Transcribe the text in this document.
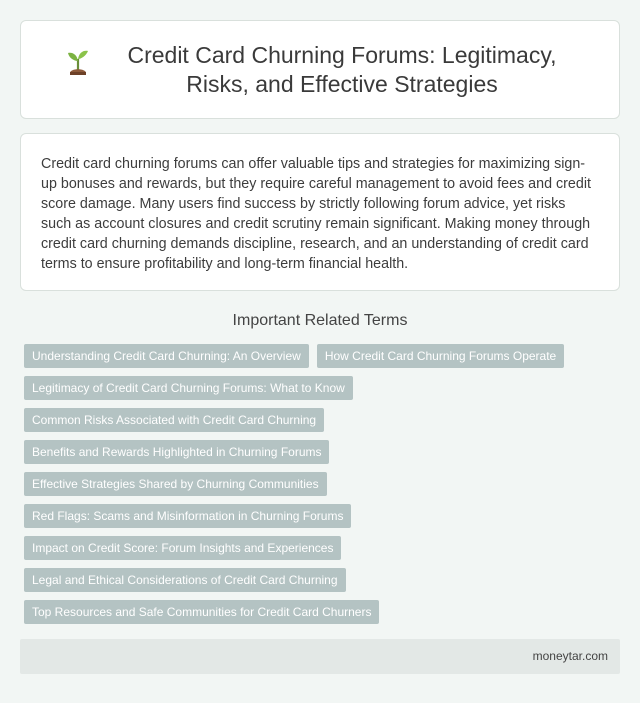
Credit Card Churning Forums: Legitimacy, Risks, and Effective Strategies

Credit card churning forums can offer valuable tips and strategies for maximizing sign-up bonuses and rewards, but they require careful management to avoid fees and credit score damage. Many users find success by strictly following forum advice, yet risks such as account closures and credit scrutiny remain significant. Making money through credit card churning demands discipline, research, and an understanding of credit card terms to ensure profitability and long-term financial health.

Important Related Terms
Understanding Credit Card Churning: An Overview	How Credit Card Churning Forums Operate
Legitimacy of Credit Card Churning Forums: What to Know
Common Risks Associated with Credit Card Churning
Benefits and Rewards Highlighted in Churning Forums
Effective Strategies Shared by Churning Communities
Red Flags: Scams and Misinformation in Churning Forums
Impact on Credit Score: Forum Insights and Experiences
Legal and Ethical Considerations of Credit Card Churning
Top Resources and Safe Communities for Credit Card Churners
moneytar.com
